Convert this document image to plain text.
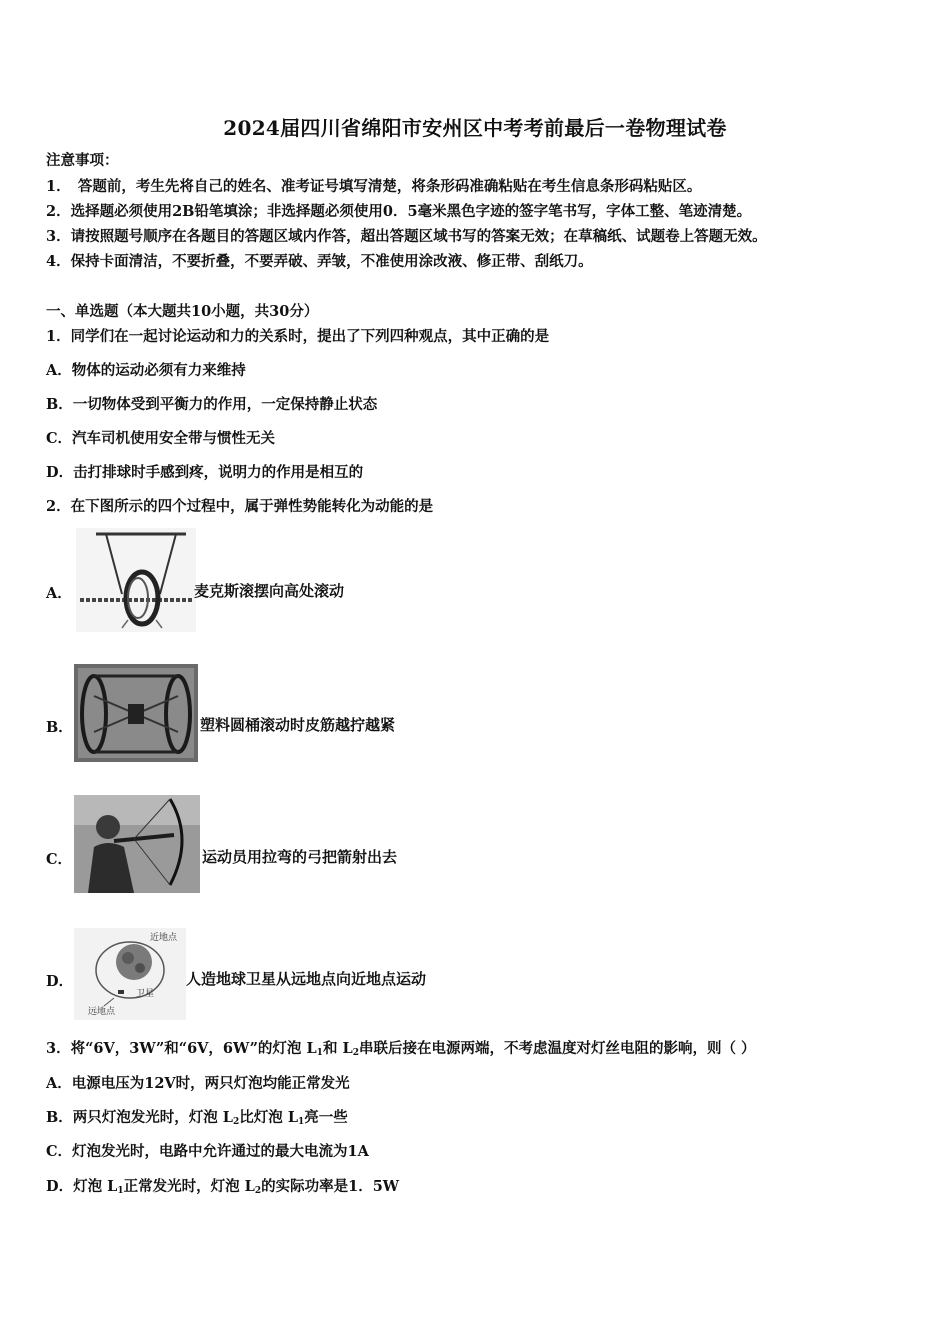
2024届四川省绵阳市安州区中考考前最后一卷物理试卷
注意事项：
1．　答题前，考生先将自己的姓名、准考证号填写清楚，将条形码准确粘贴在考生信息条形码粘贴区。
2．选择题必须使用2B铅笔填涂；非选择题必须使用0．5毫米黑色字迹的签字笔书写，字体工整、笔迹清楚。
3．请按照题号顺序在各题目的答题区域内作答，超出答题区域书写的答案无效；在草稿纸、试题卷上答题无效。
4．保持卡面清洁，不要折叠，不要弄破、弄皱，不准使用涂改液、修正带、刮纸刀。
一、单选题（本大题共10小题，共30分）
1．同学们在一起讨论运动和力的关系时，提出了下列四种观点，其中正确的是
A．物体的运动必须有力来维持
B．一切物体受到平衡力的作用，一定保持静止状态
C．汽车司机使用安全带与惯性无关
D．击打排球时手感到疼，说明力的作用是相互的
2．在下图所示的四个过程中，属于弹性势能转化为动能的是
A．	麦克斯滚摆向高处滚动
B．	塑料圆桶滚动时皮筋越拧越紧
C．	运动员用拉弯的弓把箭射出去
D．
近地点
卫星
远地点
人造地球卫星从远地点向近地点运动
3．将“6V，3W”和“6V，6W”的灯泡 $L_1$和 $L_2$串联后接在电源两端，不考虑温度对灯丝电阻的影响，则（ ）
A．电源电压为12V时，两只灯泡均能正常发光
B．两只灯泡发光时，灯泡 $L_2$比灯泡 $L_1$亮一些
C．灯泡发光时，电路中允许通过的最大电流为1A
D．灯泡 $L_1$正常发光时，灯泡 $L_2$的实际功率是1．5W
